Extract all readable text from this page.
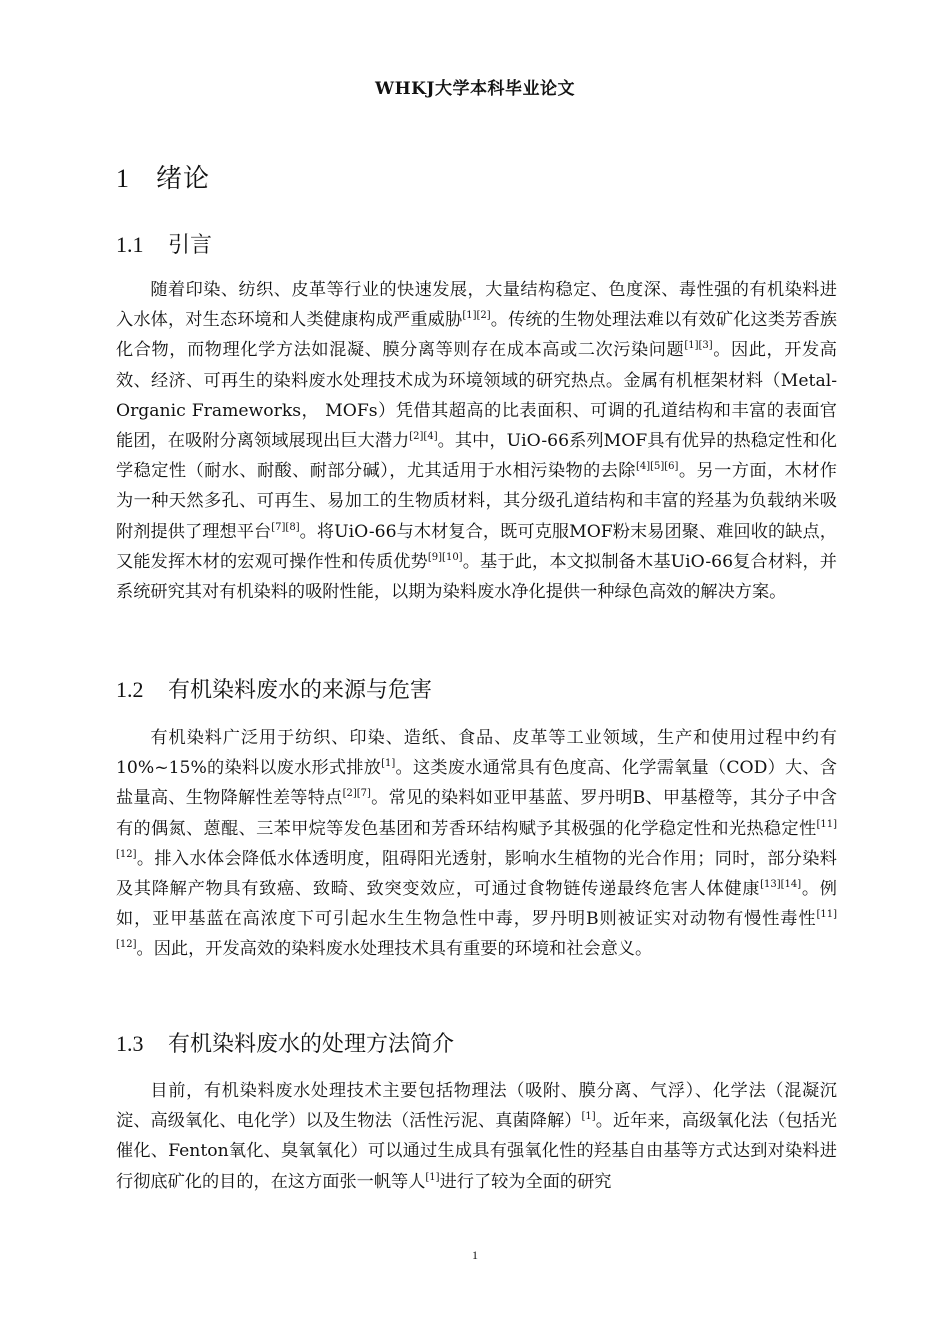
WHKJ大学本科毕业论文
1 绪论
1.1 引言
随着印染、纺织、皮革等行业的快速发展，大量结构稳定、色度深、毒性强的有机染料进入水体，对生态环境和人类健康构成严重威胁[1][2]。传统的生物处理法难以有效矿化这类芳香族化合物，而物理化学方法如混凝、膜分离等则存在成本高或二次污染问题[1][3]。因此，开发高效、经济、可再生的染料废水处理技术成为环境领域的研究热点。金属有机框架材料（Metal-Organic Frameworks， MOFs）凭借其超高的比表面积、可调的孔道结构和丰富的表面官能团，在吸附分离领域展现出巨大潜力[2][4]。其中，UiO-66系列MOF具有优异的热稳定性和化学稳定性（耐水、耐酸、耐部分碱），尤其适用于水相污染物的去除[4][5][6]。另一方面，木材作为一种天然多孔、可再生、易加工的生物质材料，其分级孔道结构和丰富的羟基为负载纳米吸附剂提供了理想平台[7][8]。将UiO-66与木材复合，既可克服MOF粉末易团聚、难回收的缺点，又能发挥木材的宏观可操作性和传质优势[9][10]。基于此，本文拟制备木基UiO-66复合材料，并系统研究其对有机染料的吸附性能，以期为染料废水净化提供一种绿色高效的解决方案。
1.2 有机染料废水的来源与危害
有机染料广泛用于纺织、印染、造纸、食品、皮革等工业领域，生产和使用过程中约有10%~15%的染料以废水形式排放[1]。这类废水通常具有色度高、化学需氧量（COD）大、含盐量高、生物降解性差等特点[2][7]。常见的染料如亚甲基蓝、罗丹明B、甲基橙等，其分子中含有的偶氮、蒽醌、三苯甲烷等发色基团和芳香环结构赋予其极强的化学稳定性和光热稳定性[11][12]。排入水体会降低水体透明度，阻碍阳光透射，影响水生植物的光合作用；同时，部分染料及其降解产物具有致癌、致畸、致突变效应，可通过食物链传递最终危害人体健康[13][14]。例如，亚甲基蓝在高浓度下可引起水生生物急性中毒，罗丹明B则被证实对动物有慢性毒性[11][12]。因此，开发高效的染料废水处理技术具有重要的环境和社会意义。
1.3 有机染料废水的处理方法简介
目前，有机染料废水处理技术主要包括物理法（吸附、膜分离、气浮）、化学法（混凝沉淀、高级氧化、电化学）以及生物法（活性污泥、真菌降解）[1]。近年来，高级氧化法（包括光催化、Fenton氧化、臭氧氧化）可以通过生成具有强氧化性的羟基自由基等方式达到对染料进行彻底矿化的目的，在这方面张一帆等人[1]进行了较为全面的研究
1
